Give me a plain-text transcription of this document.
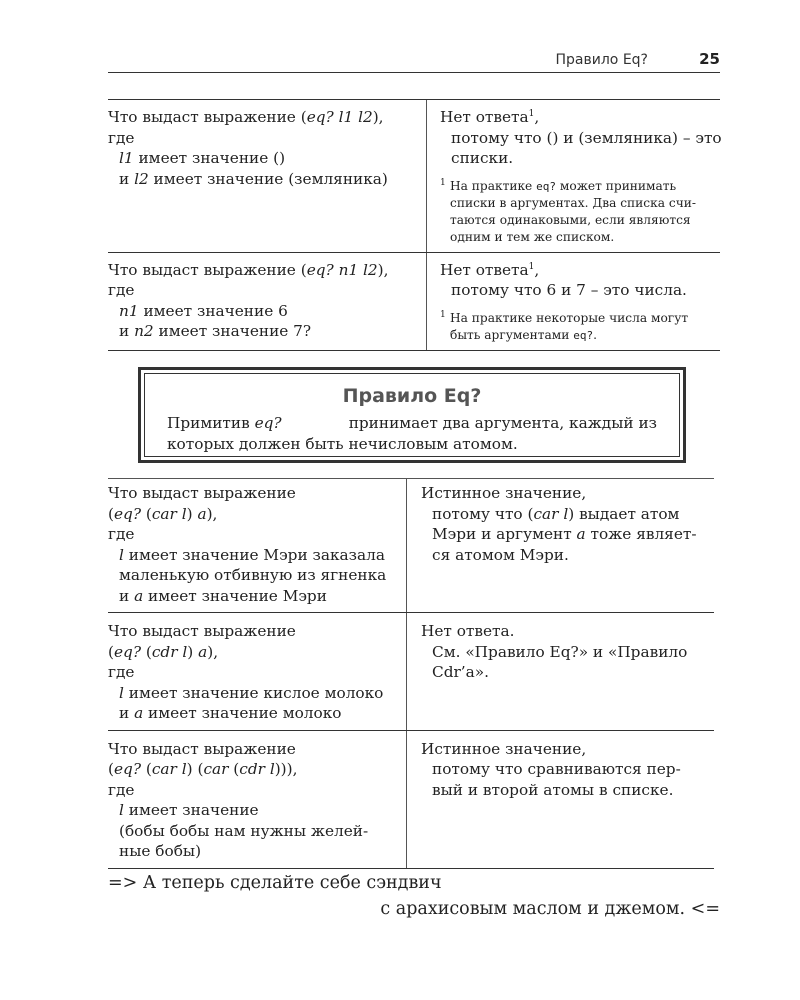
Правило Eq?	25
Что выдаст выражение (eq? l1 l2),
где
l1 имеет значение ()
и l2 имеет значение (земляника)
Нет ответа$^1$,
потому что () и (земляника) – это
списки.
1 На практике eq? может принимать
списки в аргументах. Два списка счи-
таются одинаковыми, если являются
одним и тем же списком.
Что выдаст выражение (eq? n1 l2),
где
n1 имеет значение 6
и n2 имеет значение 7?
Нет ответа$^1$,
потому что 6 и 7 – это числа.
1 На практике некоторые числа могут
быть аргументами eq?.
Правило Eq?
Примитив eq?	принимает два аргумента, каждый из
которых должен быть нечисловым атомом.
Что выдаст выражение
(eq? (car l) a),
где
l имеет значение Мэри заказала
маленькую отбивную из ягненка
и a имеет значение Мэри
Истинное значение,
потому что (car l) выдает атом
Мэри и аргумент a тоже являет-
ся атомом Мэри.
Что выдаст выражение
(eq? (cdr l) a),
где
l имеет значение кислое молоко
и a имеет значение молоко
Нет ответа.
См. «Правило Eq?» и «Правило
Cdr’a».
Что выдаст выражение
(eq? (car l) (car (cdr l))),
где
l имеет значение
(бобы бобы нам нужны желей-
ные бобы)
Истинное значение,
потому что сравниваются пер-
вый и второй атомы в списке.
=> А теперь сделайте себе сэндвич
с арахисовым маслом и джемом. <=
